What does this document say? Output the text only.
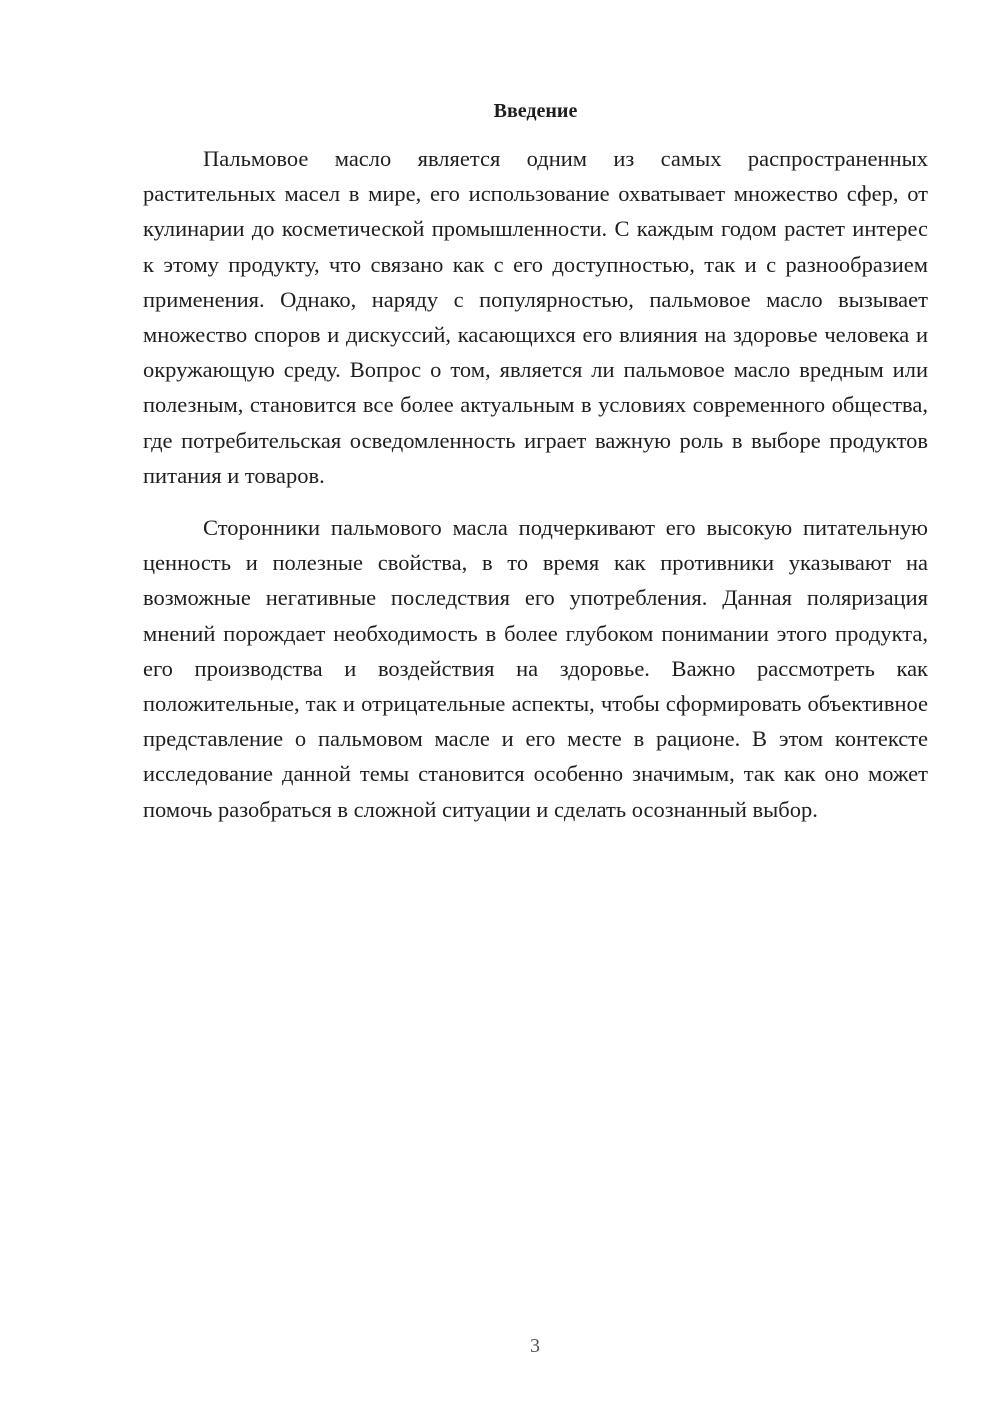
Введение

Пальмовое масло является одним из самых распространенных растительных масел в мире, его использование охватывает множество сфер, от кулинарии до косметической промышленности. С каждым годом растет интерес к этому продукту, что связано как с его доступностью, так и с разнообразием применения. Однако, наряду с популярностью, пальмовое масло вызывает множество споров и дискуссий, касающихся его влияния на здоровье человека и окружающую среду. Вопрос о том, является ли пальмовое масло вредным или полезным, становится все более актуальным в условиях современного общества, где потребительская осведомленность играет важную роль в выборе продуктов питания и товаров.

Сторонники пальмового масла подчеркивают его высокую питательную ценность и полезные свойства, в то время как противники указывают на возможные негативные последствия его употребления. Данная поляризация мнений порождает необходимость в более глубоком понимании этого продукта, его производства и воздействия на здоровье. Важно рассмотреть как положительные, так и отрицательные аспекты, чтобы сформировать объективное представление о пальмовом масле и его месте в рационе. В этом контексте исследование данной темы становится особенно значимым, так как оно может помочь разобраться в сложной ситуации и сделать осознанный выбор.

3
